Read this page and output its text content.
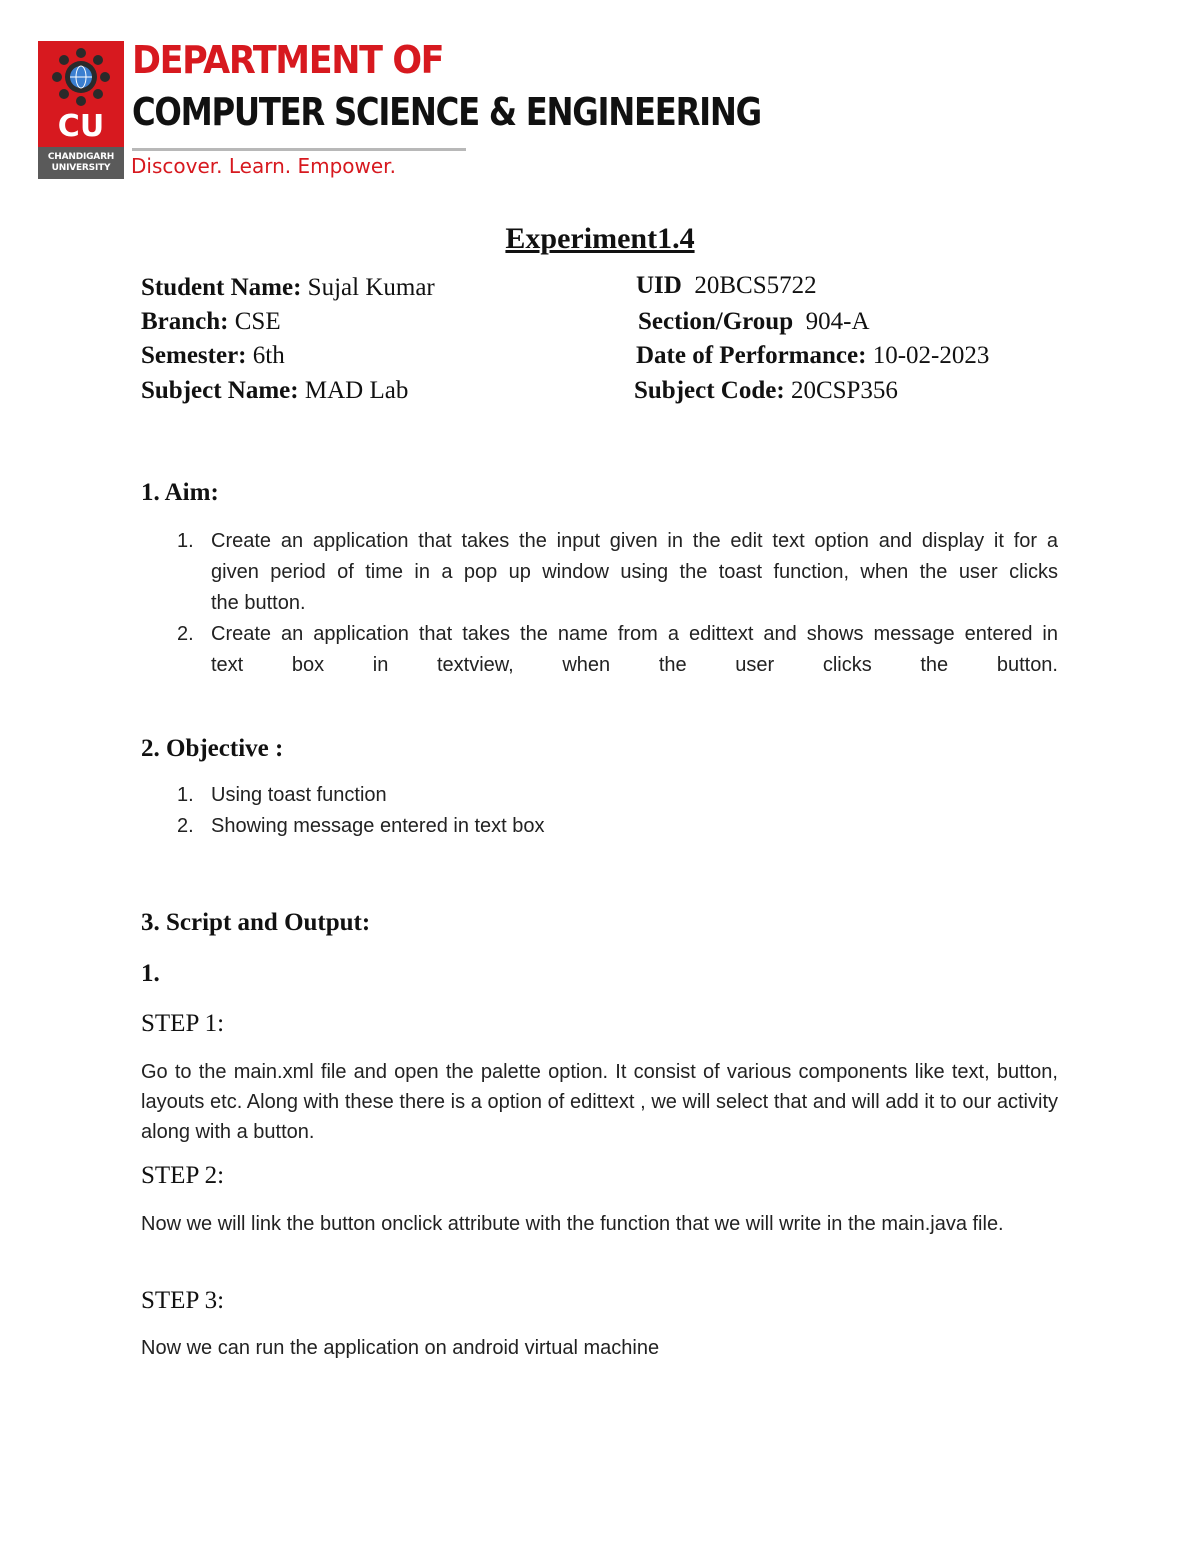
CU
CHANDIGARH
UNIVERSITY
DEPARTMENT OF
COMPUTER SCIENCE & ENGINEERING
Discover. Learn. Empower.
Experiment1.4
Student Name: Sujal Kumar	UID 20BCS5722
Branch: CSE	Section/Group 904-A
Semester: 6th	Date of Performance: 10-02-2023
Subject Name: MAD Lab	Subject Code: 20CSP356
1. Aim:
1. Create an application that takes the input given in the edit text option and display it for a
given period of time in a pop up window using the toast function, when the user clicks
the button.
2. Create an application that takes the name from a edittext and shows message entered in
text box in textview, when the user clicks the button.
2. Objective :
1. Using toast function
2. Showing message entered in text box
3. Script and Output:
1.
STEP 1:
Go to the main.xml file and open the palette option. It consist of various components like text, button, layouts etc. Along with these there is a option of edittext , we will select that and will add it to our activity along with a button.
STEP 2:
Now we will link the button onclick attribute with the function that we will write in the main.java file.
STEP 3:
Now we can run the application on android virtual machine
